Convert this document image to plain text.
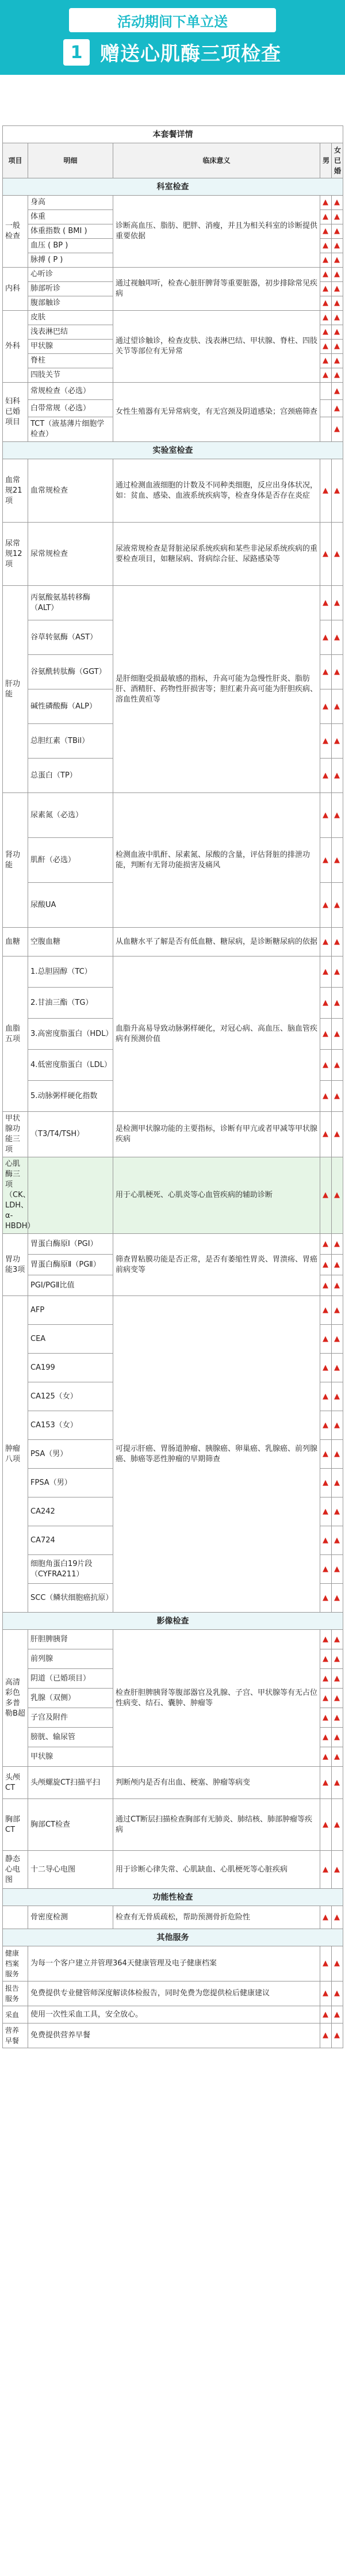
活动期间下单立送
1 赠送心肌酶三项检查
本套餐详情				
项目	明细	临床意义	男	女已婚
科室检查				
一般检查	身高	诊断高血压、脂肪、肥胖、消瘦，并且为相关科室的诊断提供重要依据	▲	▲
	体重		▲	▲
	体重指数 ( BMI )		▲	▲
	血压 ( BP )		▲	▲
	脉搏 ( P )		▲	▲
内科	心听诊	通过视触叩听，检查心脏肝脾肾等重要脏器，初步排除常见疾病	▲	▲
	肺部听诊		▲	▲
	腹部触诊		▲	▲
外科	皮肤	通过望诊触诊，检查皮肤、浅表淋巴结、甲状腺、脊柱、四肢关节等部位有无异常	▲	▲
	浅表淋巴结		▲	▲
	甲状腺		▲	▲
	脊柱		▲	▲
	四肢关节		▲	▲
妇科已婚项目	常规检查（必选）	女性生殖器有无异常病变，有无宫颈及阴道感染；宫颈癌筛查		▲
	白带常规（必选）			▲
	TCT（液基薄片细胞学检查）			▲
实验室检查				
血常规21项	血常规检查	通过检测血液细胞的计数及不同种类细胞，反应出身体状况，如：贫血、感染、血液系统疾病等，检查身体是否存在炎症	▲	▲
尿常规12项	尿常规检查	尿液常规检查是肾脏泌尿系统疾病和某些非泌尿系统疾病的重要检查项目，如糖尿病、肾病综合征、尿路感染等	▲	▲
肝功能	丙氨酸氨基转移酶（ALT）	是肝细胞受损最敏感的指标，升高可能为急慢性肝炎、脂肪肝、酒精肝、药物性肝损害等；胆红素升高可能为肝胆疾病、溶血性黄疸等	▲	▲
	谷草转氨酶（AST）		▲	▲
	谷氨酰转肽酶（GGT）		▲	▲
	碱性磷酸酶（ALP）		▲	▲
	总胆红素（TBil）		▲	▲
	总蛋白（TP）		▲	▲
肾功能	尿素氮（必选）	检测血液中肌酐、尿素氮、尿酸的含量，评估肾脏的排泄功能，判断有无肾功能损害及痛风	▲	▲
	肌酐（必选）		▲	▲
	尿酸UA		▲	▲
血糖	空腹血糖	从血糖水平了解是否有低血糖、糖尿病，是诊断糖尿病的依据	▲	▲
血脂五项	1.总胆固醇（TC）	血脂升高易导致动脉粥样硬化，对冠心病、高血压、脑血管疾病有预测价值	▲	▲
	2.甘油三酯（TG）		▲	▲
	3.高密度脂蛋白（HDL）		▲	▲
	4.低密度脂蛋白（LDL）		▲	▲
	5.动脉粥样硬化指数		▲	▲
甲状腺功能三项	（T3/T4/TSH）	是检测甲状腺功能的主要指标，诊断有甲亢或者甲减等甲状腺疾病	▲	▲
心肌酶三项（CK、LDH、α-HBDH）		用于心肌梗死、心肌炎等心血管疾病的辅助诊断	▲	▲
胃功能3项	胃蛋白酶原Ⅰ（PGⅠ）	筛查胃粘膜功能是否正常，是否有萎缩性胃炎、胃溃疡、胃癌前病变等	▲	▲
	胃蛋白酶原Ⅱ（PGⅡ）		▲	▲
	PGⅠ/PGⅡ比值		▲	▲
肿瘤八项	AFP	可提示肝癌、胃肠道肿瘤、胰腺癌、卵巢癌、乳腺癌、前列腺癌、肺癌等恶性肿瘤的早期筛查	▲	▲
	CEA		▲	▲
	CA199		▲	▲
	CA125（女）		▲	▲
	CA153（女）		▲	▲
	PSA（男）		▲	▲
	FPSA（男）		▲	▲
	CA242		▲	▲
	CA724		▲	▲
	细胞角蛋白19片段（CYFRA211）		▲	▲
	SCC（鳞状细胞癌抗原）		▲	▲
影像检查				
高清彩色多普勒B超	肝胆脾胰肾	检查肝胆脾胰肾等腹部器官及乳腺、子宫、甲状腺等有无占位性病变、结石、囊肿、肿瘤等	▲	▲
	前列腺		▲	▲
	阴道（已婚项目）		▲	▲
	乳腺（双侧）		▲	▲
	子宫及附件		▲	▲
	膀胱、输尿管		▲	▲
	甲状腺		▲	▲
头颅CT	头颅螺旋CT扫描平扫	判断颅内是否有出血、梗塞、肿瘤等病变	▲	▲
胸部CT	胸部CT检查	通过CT断层扫描检查胸部有无肺炎、肺结核、肺部肿瘤等疾病	▲	▲
静态心电图	十二导心电图	用于诊断心律失常、心肌缺血、心肌梗死等心脏疾病	▲	▲
功能性检查				
	骨密度检测	检查有无骨质疏松，帮助预测骨折危险性	▲	▲
其他服务				
健康档案服务	为每一个客户建立并管理364天健康管理及电子健康档案		▲	▲
报告服务	免费提供专业健管师深度解读体检报告，同时免费为您提供检后健康建议		▲	▲
采血	使用一次性采血工具，安全放心。		▲	▲
营养早餐	免费提供营养早餐		▲	▲
